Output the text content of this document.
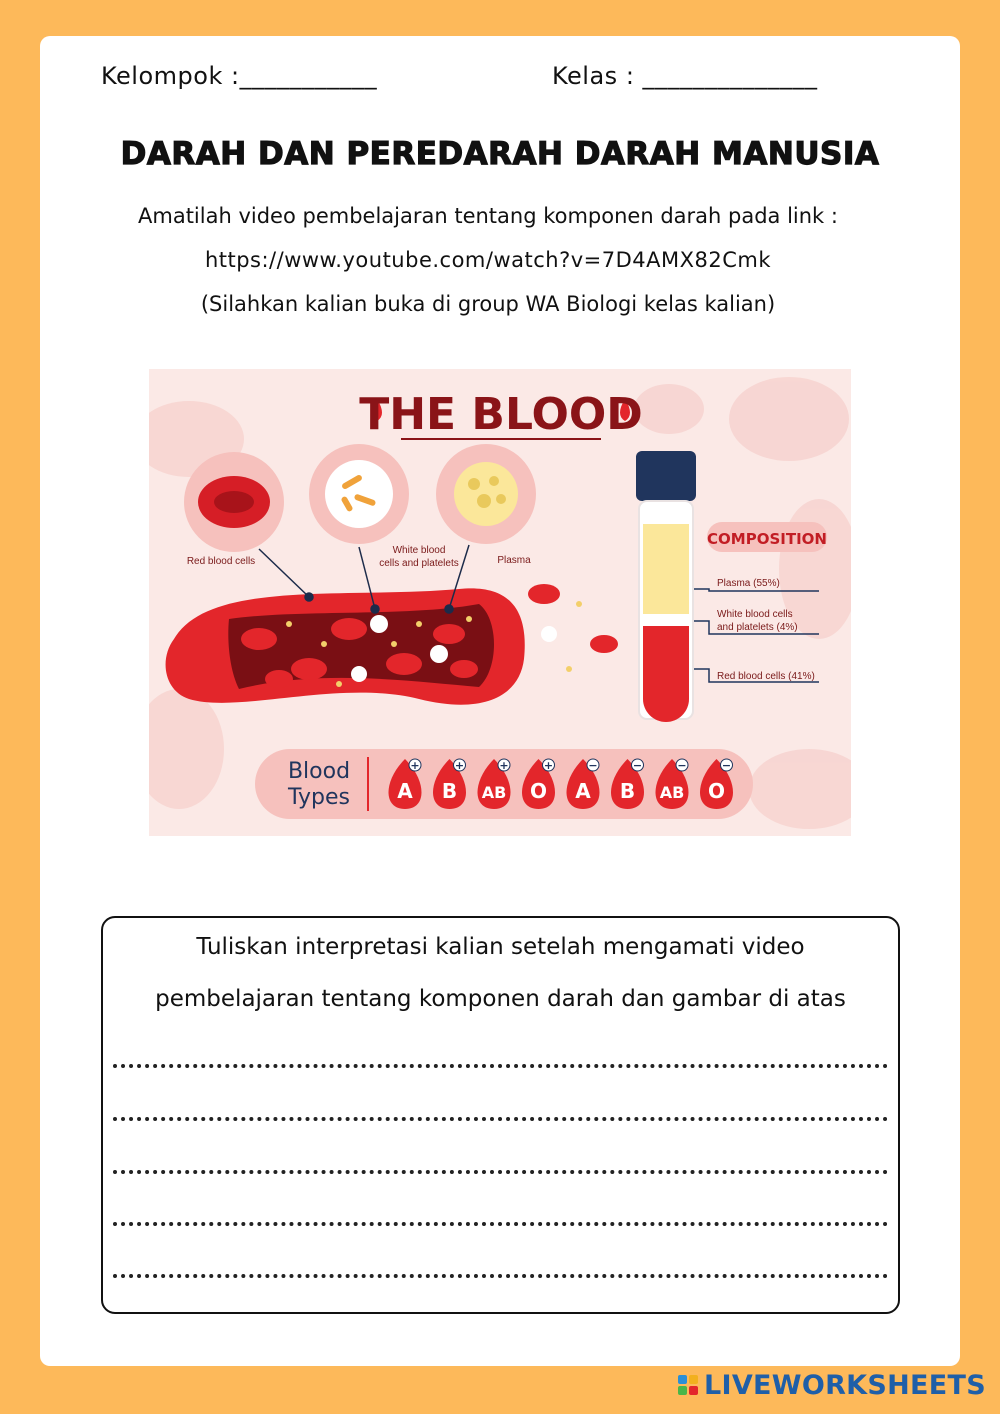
Kelompok :___________	Kelas : ______________
DARAH DAN PEREDARAH DARAH MANUSIA
Amatilah video pembelajaran tentang komponen darah pada link :
https://www.youtube.com/watch?v=7D4AMX82Cmk
(Silahkan kalian buka di group WA Biologi kelas kalian)
THE BLOOD
Red blood cells
White blood
cells and platelets	Plasma
COMPOSITION
Plasma (55%)
White blood cells
and platelets (4%)
Red blood cells (41%)
Blood
Types
+
A
+
B
+
AB
+
O
−
A
−
B
−
AB
−
O
Tuliskan interpretasi kalian setelah mengamati video
pembelajaran tentang komponen darah dan gambar di atas
LIVEWORKSHEETS
